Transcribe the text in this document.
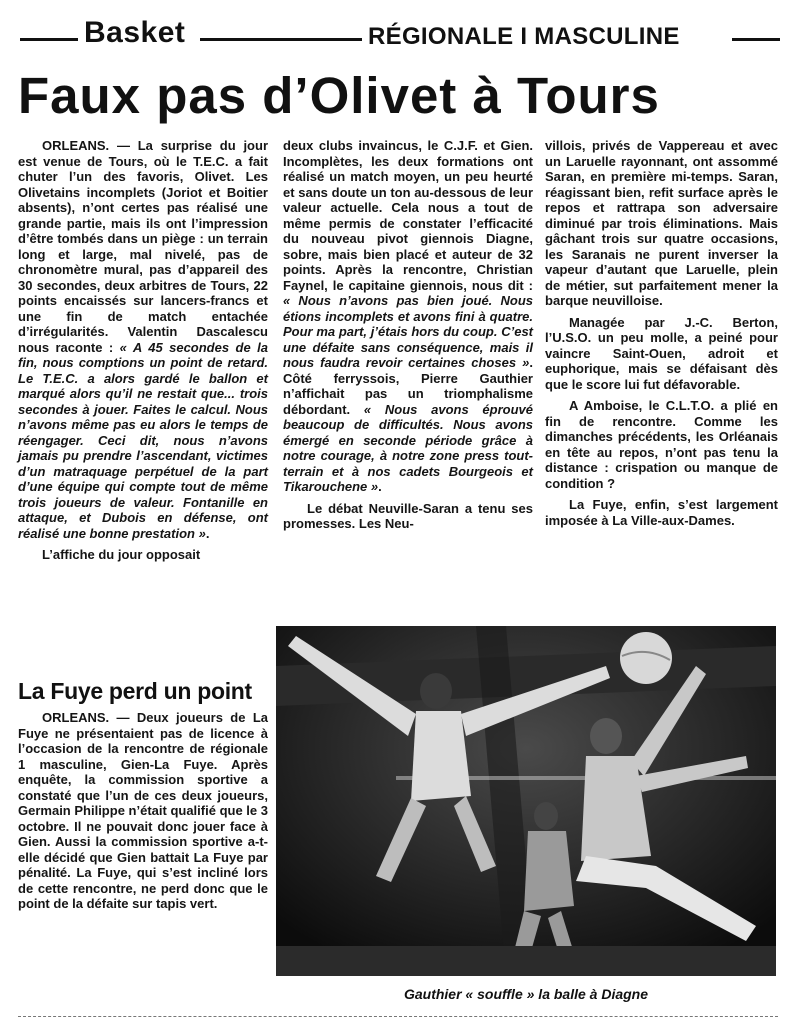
Basket	RÉGIONALE I MASCULINE
Faux pas d’Olivet à Tours

ORLEANS. — La surprise du jour est venue de Tours, où le T.E.C. a fait chuter l’un des favoris, Olivet. Les Olivetains incomplets (Joriot et Boitier absents), n’ont certes pas réalisé une grande partie, mais ils ont l’impression d’être tombés dans un piège : un terrain long et large, mal nivelé, pas de chronomètre mural, pas d’appareil des 30 secondes, deux arbitres de Tours, 22 points encaissés sur lancers-francs et une fin de match entachée d’irrégularités. Valentin Dascalescu nous raconte : « A 45 secondes de la fin, nous comptions un point de retard. Le T.E.C. a alors gardé le ballon et marqué alors qu’il ne restait que... trois secondes à jouer. Faites le calcul. Nous n’avons même pas eu alors le temps de réengager. Ceci dit, nous n’avons jamais pu prendre l’ascendant, victimes d’un matraquage perpétuel de la part d’une équipe qui compte tout de même trois joueurs de valeur. Fontanille en attaque, et Dubois en défense, ont réalisé une bonne prestation ».

L’affiche du jour opposait

deux clubs invaincus, le C.J.F. et Gien. Incomplètes, les deux formations ont réalisé un match moyen, un peu heurté et sans doute un ton au-dessous de leur valeur actuelle. Cela nous a tout de même permis de constater l’efficacité du nouveau pivot giennois Diagne, sobre, mais bien placé et auteur de 32 points. Après la rencontre, Christian Faynel, le capitaine giennois, nous dit : « Nous n’avons pas bien joué. Nous étions incomplets et avons fini à quatre. Pour ma part, j’étais hors du coup. C’est une défaite sans conséquence, mais il nous faudra revoir certaines choses ». Côté ferryssois, Pierre Gauthier n’affichait pas un triomphalisme débordant. « Nous avons éprouvé beaucoup de difficultés. Nous avons émergé en seconde période grâce à notre courage, à notre zone press tout-terrain et à nos cadets Bourgeois et Tikarouchene ».

Le débat Neuville-Saran a tenu ses promesses. Les Neu-

villois, privés de Vappereau et avec un Laruelle rayonnant, ont assommé Saran, en première mi-temps. Saran, réagissant bien, refit surface après le repos et rattrapa son adversaire diminué par trois éliminations. Mais gâchant trois sur quatre occasions, les Saranais ne purent inverser la vapeur d’autant que Laruelle, plein de métier, sut parfaitement mener la barque neuvilloise.

Managée par J.-C. Berton, l’U.S.O. un peu molle, a peiné pour vaincre Saint-Ouen, adroit et euphorique, mais se défaisant dès que le score lui fut défavorable.

A Amboise, le C.L.T.O. a plié en fin de rencontre. Comme les dimanches précédents, les Orléanais en tête au repos, n’ont pas tenu la distance : crispation ou manque de condition ?

La Fuye, enfin, s’est largement imposée à La Ville-aux-Dames.

La Fuye perd un point

ORLEANS. — Deux joueurs de La Fuye ne présentaient pas de licence à l’occasion de la rencontre de régionale 1 masculine, Gien-La Fuye. Après enquête, la commission sportive a constaté que l’un de ces deux joueurs, Germain Philippe n’était qualifié que le 3 octobre. Il ne pouvait donc jouer face à Gien. Aussi la commission sportive a-t-elle décidé que Gien battait La Fuye par pénalité. La Fuye, qui s’est incliné lors de cette rencontre, ne perd donc que le point de la défaite sur tapis vert.

Gauthier « souffle » la balle à Diagne
